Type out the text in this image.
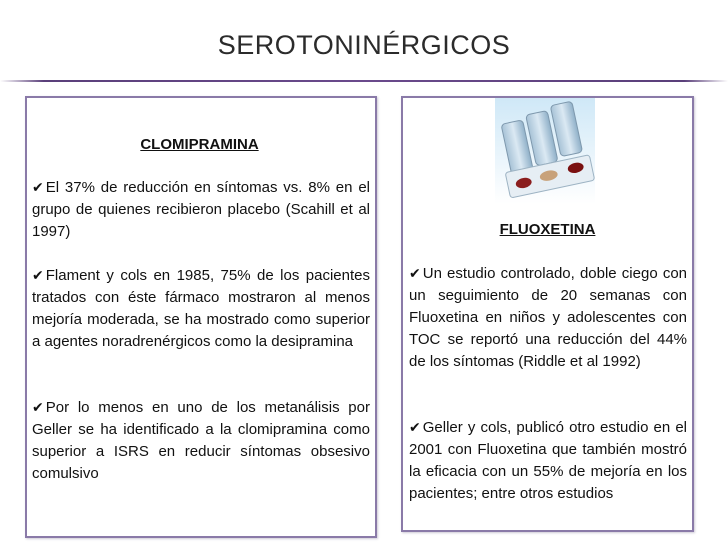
SEROTONINÉRGICOS
CLOMIPRAMINA
✔ El 37% de reducción en síntomas vs. 8% en el grupo de quienes recibieron placebo (Scahill et al 1997)
✔ Flament y cols en 1985, 75% de los pacientes tratados con éste fármaco mostraron al menos mejoría moderada, se ha mostrado como superior a agentes noradrenérgicos como la desipramina
✔ Por lo menos en uno de los metanálisis por Geller se ha identificado a la clomipramina como superior a ISRS en reducir síntomas obsesivo comulsivo
FLUOXETINA
✔ Un estudio controlado, doble ciego con un seguimiento de 20 semanas con Fluoxetina en niños y adolescentes con TOC se reportó una reducción del 44% de los síntomas (Riddle et al 1992)
✔ Geller y cols, publicó otro estudio en el 2001 con Fluoxetina que también mostró la eficacia con un 55% de mejoría en los pacientes; entre otros estudios
